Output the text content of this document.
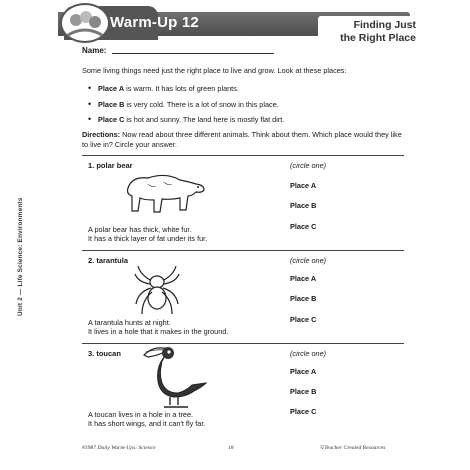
Warm-Up 12	Finding Just
the Right Place
Name:
Some living things need just the right place to live and grow. Look at these places:
• Place A is warm. It has lots of green plants.
• Place B is very cold. There is a lot of snow in this place.
• Place C is hot and sunny. The land here is mostly flat dirt.
Directions: Now read about three different animals. Think about them. Which place would they like to live in? Circle your answer.
1. polar bear	(circle one)
Place A
Place B
Place C
A polar bear has thick, white fur.
It has a thick layer of fat under its fur.
2. tarantula	(circle one)
Place A
Place B
Place C
A tarantula hunts at night.
It lives in a hole that it makes in the ground.
3. toucan	(circle one)
Place A
Place B
Place C
A toucan lives in a hole in a tree.
It has short wings, and it can't fly far.
Unit 2 — Life Science: Environments
#3987 Daily Warm-Ups: Science	18	©Teacher Created Resources
